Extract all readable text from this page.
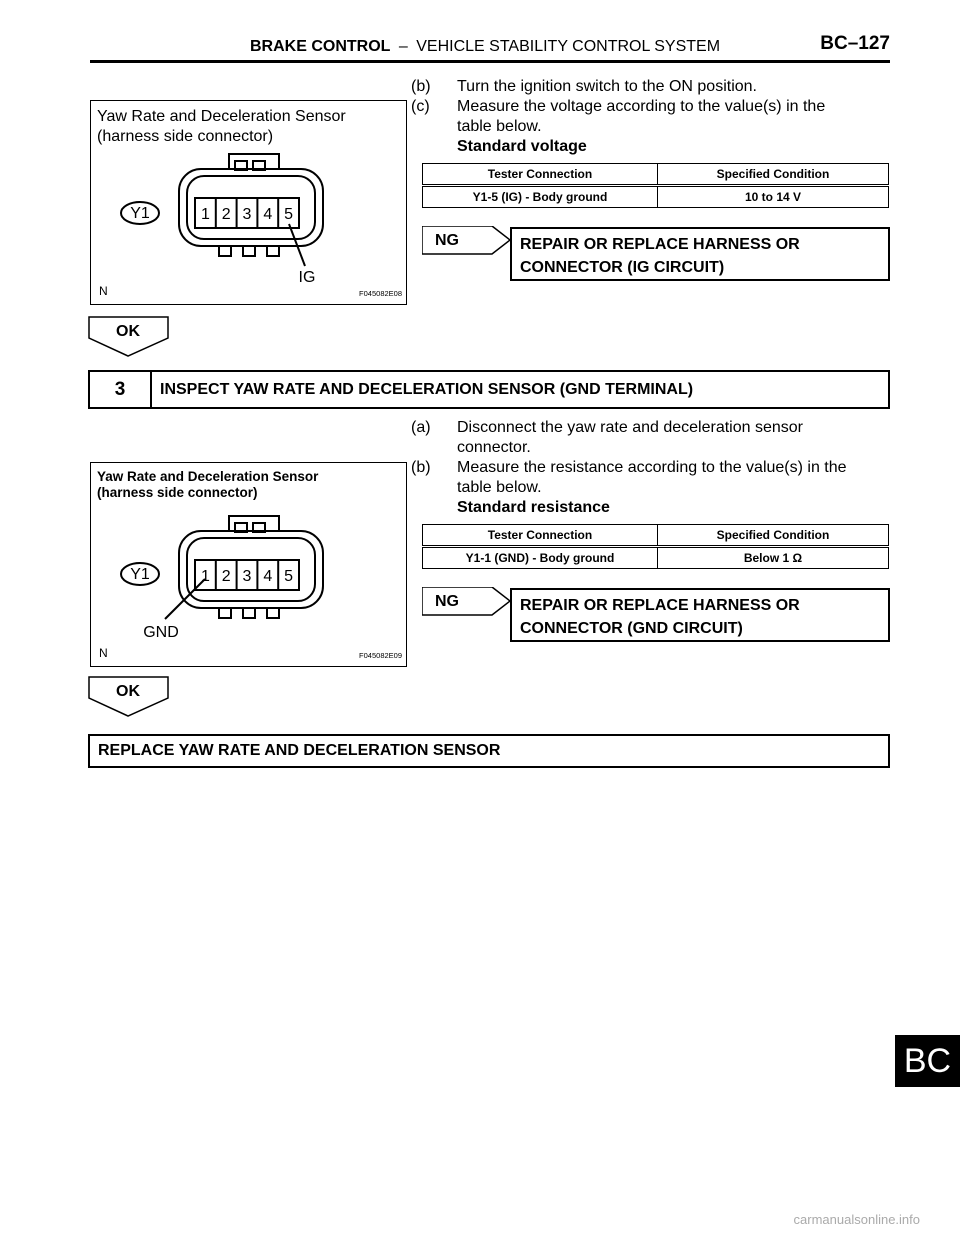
BRAKE CONTROL – VEHICLE STABILITY CONTROL SYSTEM	BC–127
Yaw Rate and Deceleration Sensor
(harness side connector)
Y1	1 2 3 4 5
IG
N	F045082E08
(b) Turn the ignition switch to the ON position.
(c) Measure the voltage according to the value(s) in the
table below.
Standard voltage
Tester Connection	Specified Condition
Y1-5 (IG) - Body ground	10 to 14 V
NG	REPAIR OR REPLACE HARNESS OR
CONNECTOR (IG CIRCUIT)
OK
3	INSPECT YAW RATE AND DECELERATION SENSOR (GND TERMINAL)
(a) Disconnect the yaw rate and deceleration sensor
connector.
(b) Measure the resistance according to the value(s) in the
table below.
Standard resistance
Tester Connection	Specified Condition
Y1-1 (GND) - Body ground	Below 1 Ω
Yaw Rate and Deceleration Sensor
(harness side connector)
Y1	1 2 3 4 5
GND
N	F045082E09
NG	REPAIR OR REPLACE HARNESS OR
CONNECTOR (GND CIRCUIT)
OK
REPLACE YAW RATE AND DECELERATION SENSOR
BC
carmanualsonline.info
